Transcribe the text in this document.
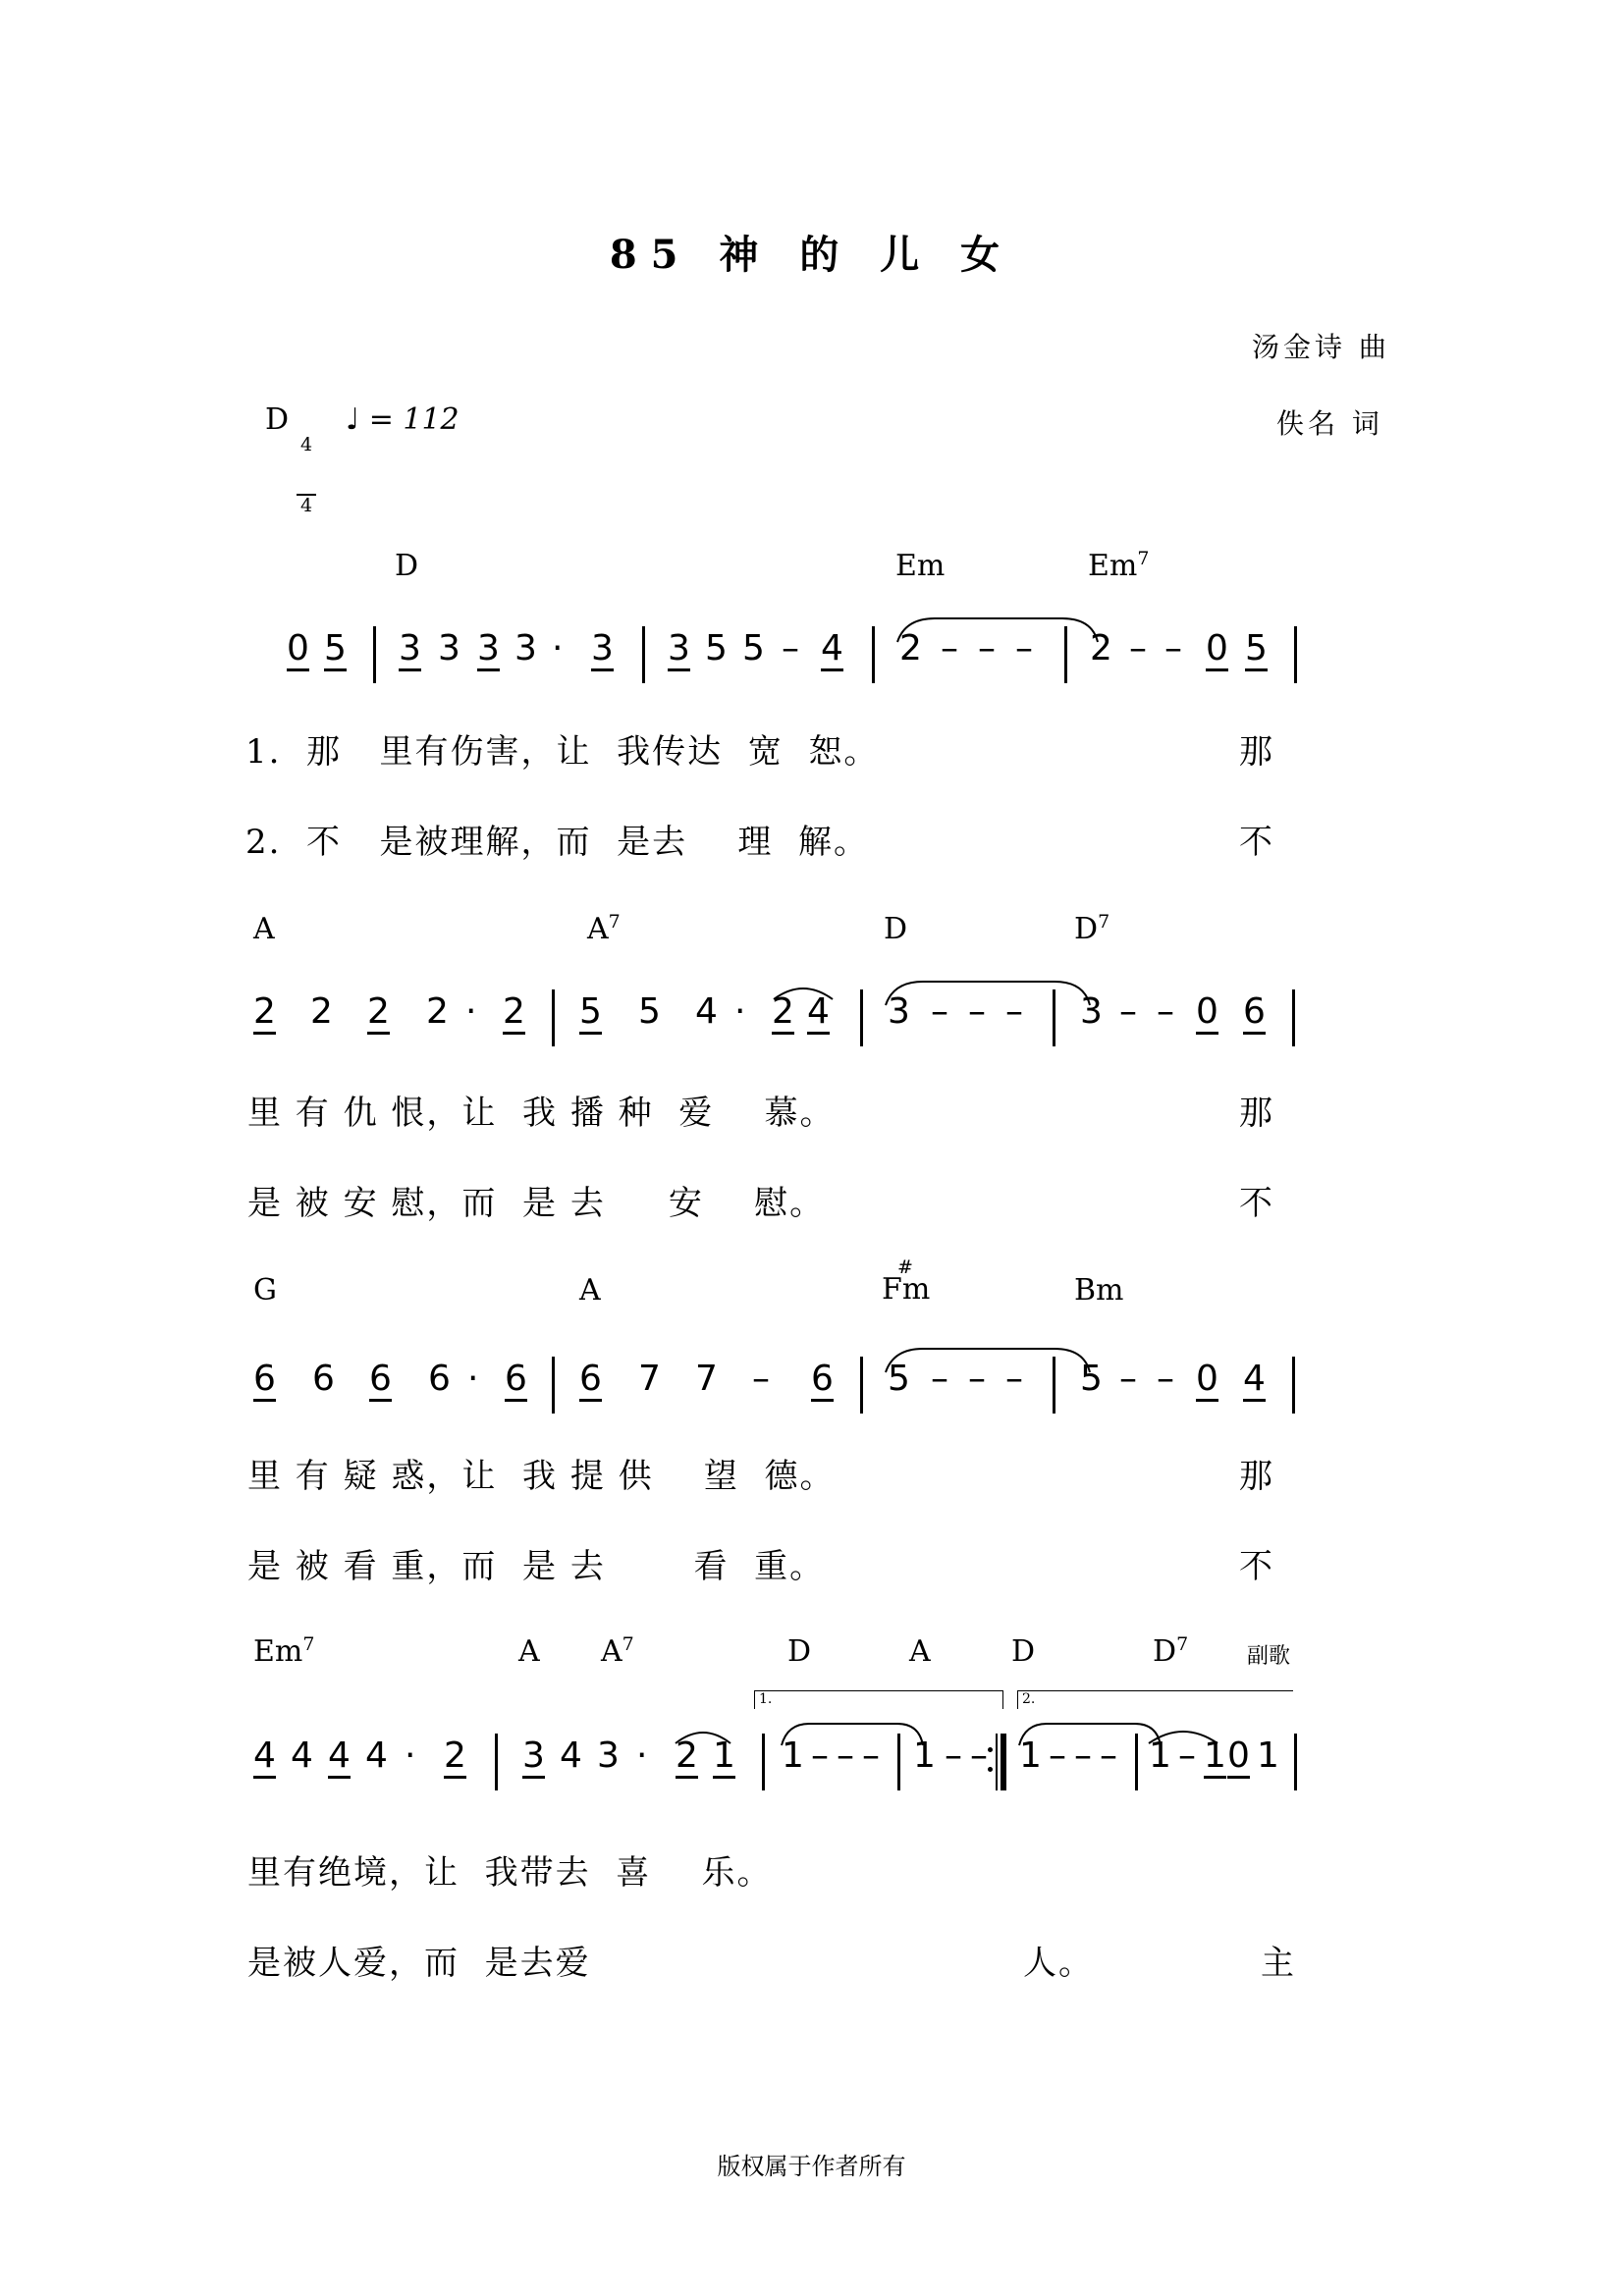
85 神 的 儿 女
汤金诗 曲
佚名 词
D

4

4

♩ = 112
D	Em	Em$^7$
0 5 3 3 3 3 · 3 3 5 5 – 4 2 – – – 2 – – 0 5
1.  那   里有伤害，让  我传达  宽  恕。	那
2.  不   是被理解，而  是去    理  解。	不
A	$A^7$	D	$D^7$
2 2 2 2 · 2 5 5 4 · 2 4 3 – – – 3 – – 0 6
里 有 仇 恨，让  我 播 种  爱    慕。	那
是 被 安 慰，而  是 去     安    慰。	不
G	A
#
Fm	Bm
6 6 6 6 · 6 6 7 7 – 6 5 – – – 5 – – 0 4
里 有 疑 惑，让  我 提 供    望  德。	那
是 被 看 重，而  是 去       看  重。	不
Em$^7$	A $A^7$	D	A	D	$D^7$	副歌
1.	2.
4 4 4 4 · 2 3 4 3 · 2 1 1 – – – 1 – – 1 – – – 1 – 1 0 1
里有绝境，让  我带去  喜    乐。
是被人爱，而  是去爱	人。	主
版权属于作者所有
